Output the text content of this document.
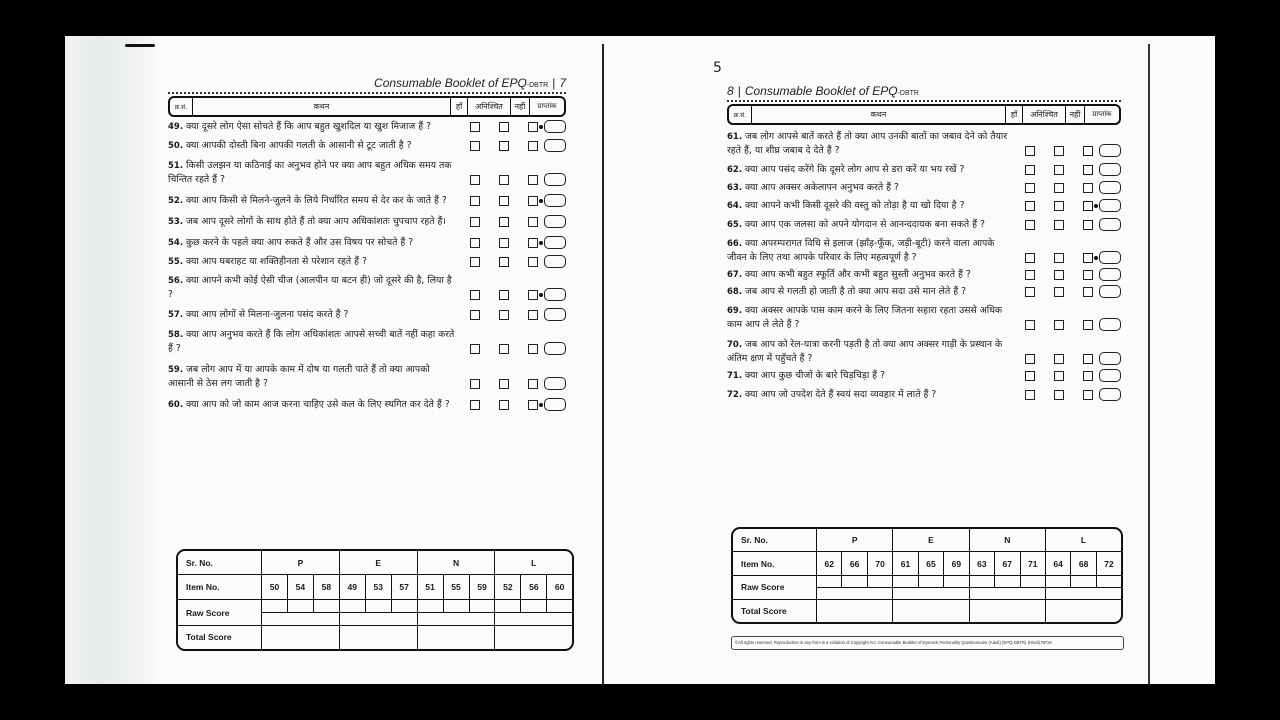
Consumable Booklet of EPQ-DBTR | 7
क्र.सं.	कथन	हाँ	अनिश्चित	नहीं	प्राप्तांक
49. क्या दूसरे लोग ऐसा सोचते हैं कि आप बहुत खुशदिल या खुश मिजाज हैं ?
50. क्या आपकी दोस्ती बिना आपकी गलती के आसानी से टूट जाती है ?
51. किसी उलझन या कठिनाई का अनुभव होने पर क्या आप बहुत अधिक समय तक चिन्तित रहते हैं ?
52. क्या आप किसी से मिलने-जुलने के लिये निर्धारित समय से देर कर के जाते हैं ?
53. जब आप दूसरे लोगों के साथ होते हैं तो क्या आप अधिकांशतः चुपचाप रहते हैं।
54. कुछ करने के पहले क्या आप रुकते हैं और उस विषय पर सोचते हैं ?
55. क्या आप घबराहट या शक्तिहीनता से परेशान रहते हैं ?
56. क्या आपने कभी कोई ऐसी चीज (आलपीन या बटन ही) जो दूसरे की है, लिया है ?
57. क्या आप लोगों से मिलना-जुलना पसंद करते हैं ?
58. क्या आप अनुभव करते हैं कि लोग अधिकांशतः आपसे सच्ची बातें नहीं कहा करते हैं ?
59. जब लोग आप में या आपके काम में दोष या गलती पाते हैं तो क्या आपको आसानी से ठेस लग जाती है ?
60. क्या आप को जो काम आज करना चाहिए उसे कल के लिए स्थगित कर देते हैं ?
Sr. No.	P			E			N			L		
Item No.	50	54	58	49	53	57	51	55	59	52	56	60
Raw Score												

Total Score												
5
8 | Consumable Booklet of EPQ-DBTR
क्र.सं.	कथन	हाँ	अनिश्चित	नहीं	प्राप्तांक
61. जब लोग आपसे बातें करते हैं तो क्या आप उनकी बातों का जबाव देने को तैयार रहते हैं, या शीघ्र जबाब दे देते हैं ?
62. क्या आप पसंद करेंगे कि दूसरे लोग आप से डरा करें या भय रखें ?
63. क्या आप अक्सर अकेलापन अनुभव करते हैं ?
64. क्या आपने कभी किसी दूसरे की वस्तु को तोड़ा है या खो दिया है ?
65. क्या आप एक जलसा को अपने योगदान से आनन्ददायक बना सकते हैं ?
66. क्या अपरम्परागत विधि से इलाज (झाँड़-फूँक, जड़ी-बूटी) करने वाला आपके जीवन के लिए तथा आपके परिवार के लिए महत्वपूर्ण है ?
67. क्या आप कभी बहुत स्फूर्ति और कभी बहुत सुस्ती अनुभव करते हैं ?
68. जब आप से गलती हो जाती है तो क्या आप सदा उसे मान लेते हैं ?
69. क्या अक्सर आपके पास काम करने के लिए जितना सहारा रहता उससे अधिक काम आप ले लेते हैं ?
70. जब आप को रेल-यात्रा करनी पड़ती है तो क्या आप अक्सर गाड़ी के प्रस्थान के अंतिम क्षण में पहुँचते हैं ?
71. क्या आप कुछ चीजों के बारे चिड़चिड़ा हैं ?
72. क्या आप जो उपदेश देते हैं स्वयं सदा व्यवहार में लाते हैं ?
Sr. No.	P			E			N			L		
Item No.	62	66	70	61	65	69	63	67	71	64	68	72
Raw Score												

Total Score												
©All rights reserved. Reproduction in any form is a violation of Copyright Act. Consumable Booklet of Eysenck Personality Questionnaire (Adult) (EPQ-DBTR) (Hindi) RP19
